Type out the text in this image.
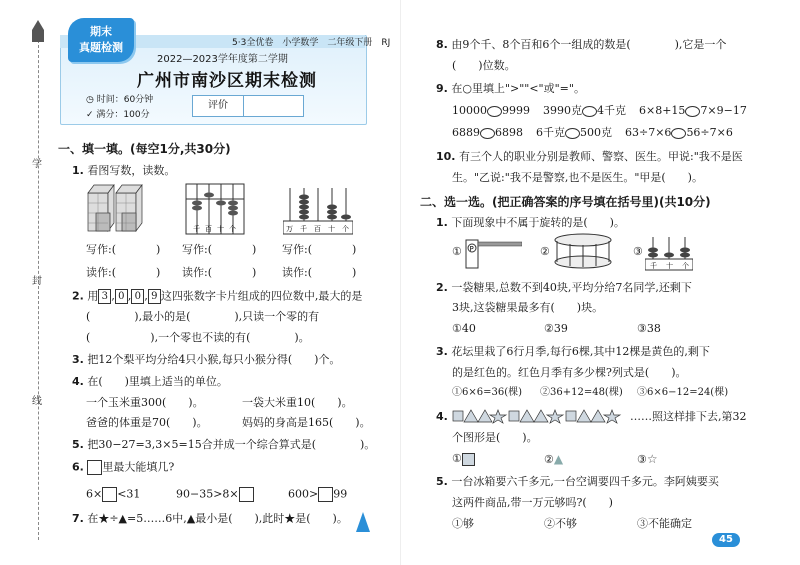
学
封
线
期末
真题检测	5·3全优卷　小学数学　二年级下册　RJ
2022—2023学年度第二学期
广州市南沙区期末检测
◷ 时间：60分钟
✓ 满分：100分
评价
一、填一填。(每空1分,共30分)
1. 看图写数，读数。
千 百 十 个	万 千 百 十 个
写作:(	) 写作:(	) 写作:(	)
读作:(	) 读作:(	) 读作:(	)
2. 用 3 , 0 , 0 , 9 这四张数字卡片组成的四位数中,最大的是
(	),最小的是(	),只读一个零的有
(	),一个零也不读的有(	)。
3. 把12个梨平均分给4只小猴,每只小猴分得(　　)个。
4. 在(　　)里填上适当的单位。
一个玉米重300(　　)。	一袋大米重10(　　)。
爸爸的体重是70(　　)。	妈妈的身高是165(　　)。
5. 把30−27=3,3×5=15合并成一个综合算式是(　　　　)。
6. 里最大能填几?
6× <31	90−35>8×	600> 99
7. 在★÷▲=5……6中,▲最小是(　　),此时★是(　　)。
8. 由9个千、8个百和6个一组成的数是(　　　　),它是一个
(　　)位数。
9. 在○里填上">""<"或"="。
10000 9999 3990克 4千克 6×8+15 7×9−17
6889 6898 6千克 500克 63÷7×6 56÷7×6
10. 有三个人的职业分别是教师、警察、医生。甲说:"我不是医
生。"乙说:"我不是警察,也不是医生。"甲是(　　)。
二、选一选。(把正确答案的序号填在括号里)(共10分)
1. 下面现象中不属于旋转的是(　　)。
① P	②	③
千 十 个
2. 一袋糖果,总数不到40块,平均分给7名同学,还剩下
3块,这袋糖果最多有(　　)块。
①40	②39	③38
3. 花坛里栽了6行月季,每行6棵,其中12棵是黄色的,剩下
的是红色的。红色月季有多少棵?列式是(　　)。
①6×6=36(棵) ②36+12=48(棵) ③6×6−12=24(棵)
4.	……照这样排下去,第32
个图形是(　　)。
①	②▲	③☆
5. 一台冰箱要六千多元,一台空调要四千多元。李阿姨要买
这两件商品,带一万元够吗?(　　)
①够	②不够	③不能确定
45
